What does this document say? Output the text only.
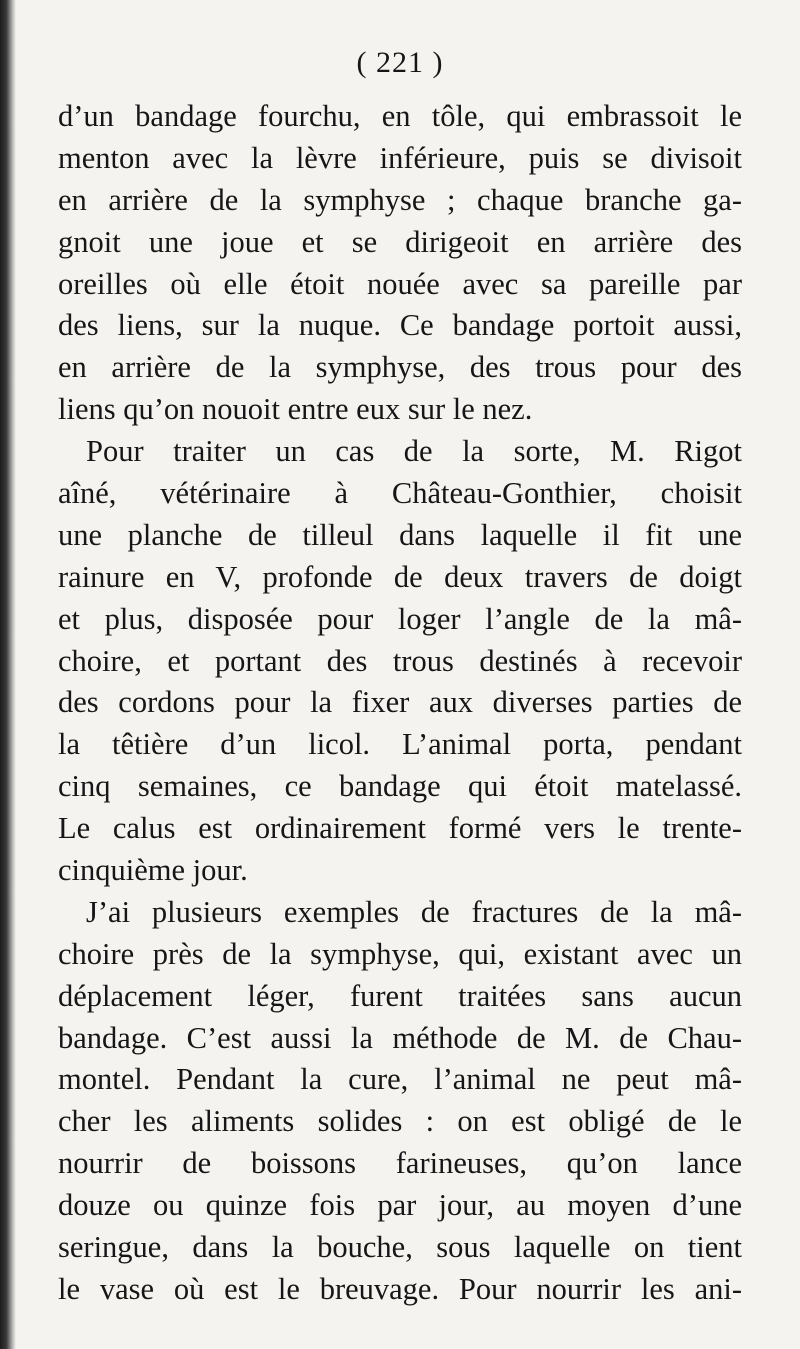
( 221 )
d’un bandage fourchu, en tôle, qui embrassoit le
menton avec la lèvre inférieure, puis se divisoit
en arrière de la symphyse ; chaque branche ga-
gnoit une joue et se dirigeoit en arrière des
oreilles où elle étoit nouée avec sa pareille par
des liens, sur la nuque. Ce bandage portoit aussi,
en arrière de la symphyse, des trous pour des
liens qu’on nouoit entre eux sur le nez.
Pour traiter un cas de la sorte, M. Rigot
aîné, vétérinaire à Château-Gonthier, choisit
une planche de tilleul dans laquelle il fit une
rainure en V, profonde de deux travers de doigt
et plus, disposée pour loger l’angle de la mâ-
choire, et portant des trous destinés à recevoir
des cordons pour la fixer aux diverses parties de
la têtière d’un licol. L’animal porta, pendant
cinq semaines, ce bandage qui étoit matelassé.
Le calus est ordinairement formé vers le trente-
cinquième jour.
J’ai plusieurs exemples de fractures de la mâ-
choire près de la symphyse, qui, existant avec un
déplacement léger, furent traitées sans aucun
bandage. C’est aussi la méthode de M. de Chau-
montel. Pendant la cure, l’animal ne peut mâ-
cher les aliments solides : on est obligé de le
nourrir de boissons farineuses, qu’on lance
douze ou quinze fois par jour, au moyen d’une
seringue, dans la bouche, sous laquelle on tient
le vase où est le breuvage. Pour nourrir les ani-
